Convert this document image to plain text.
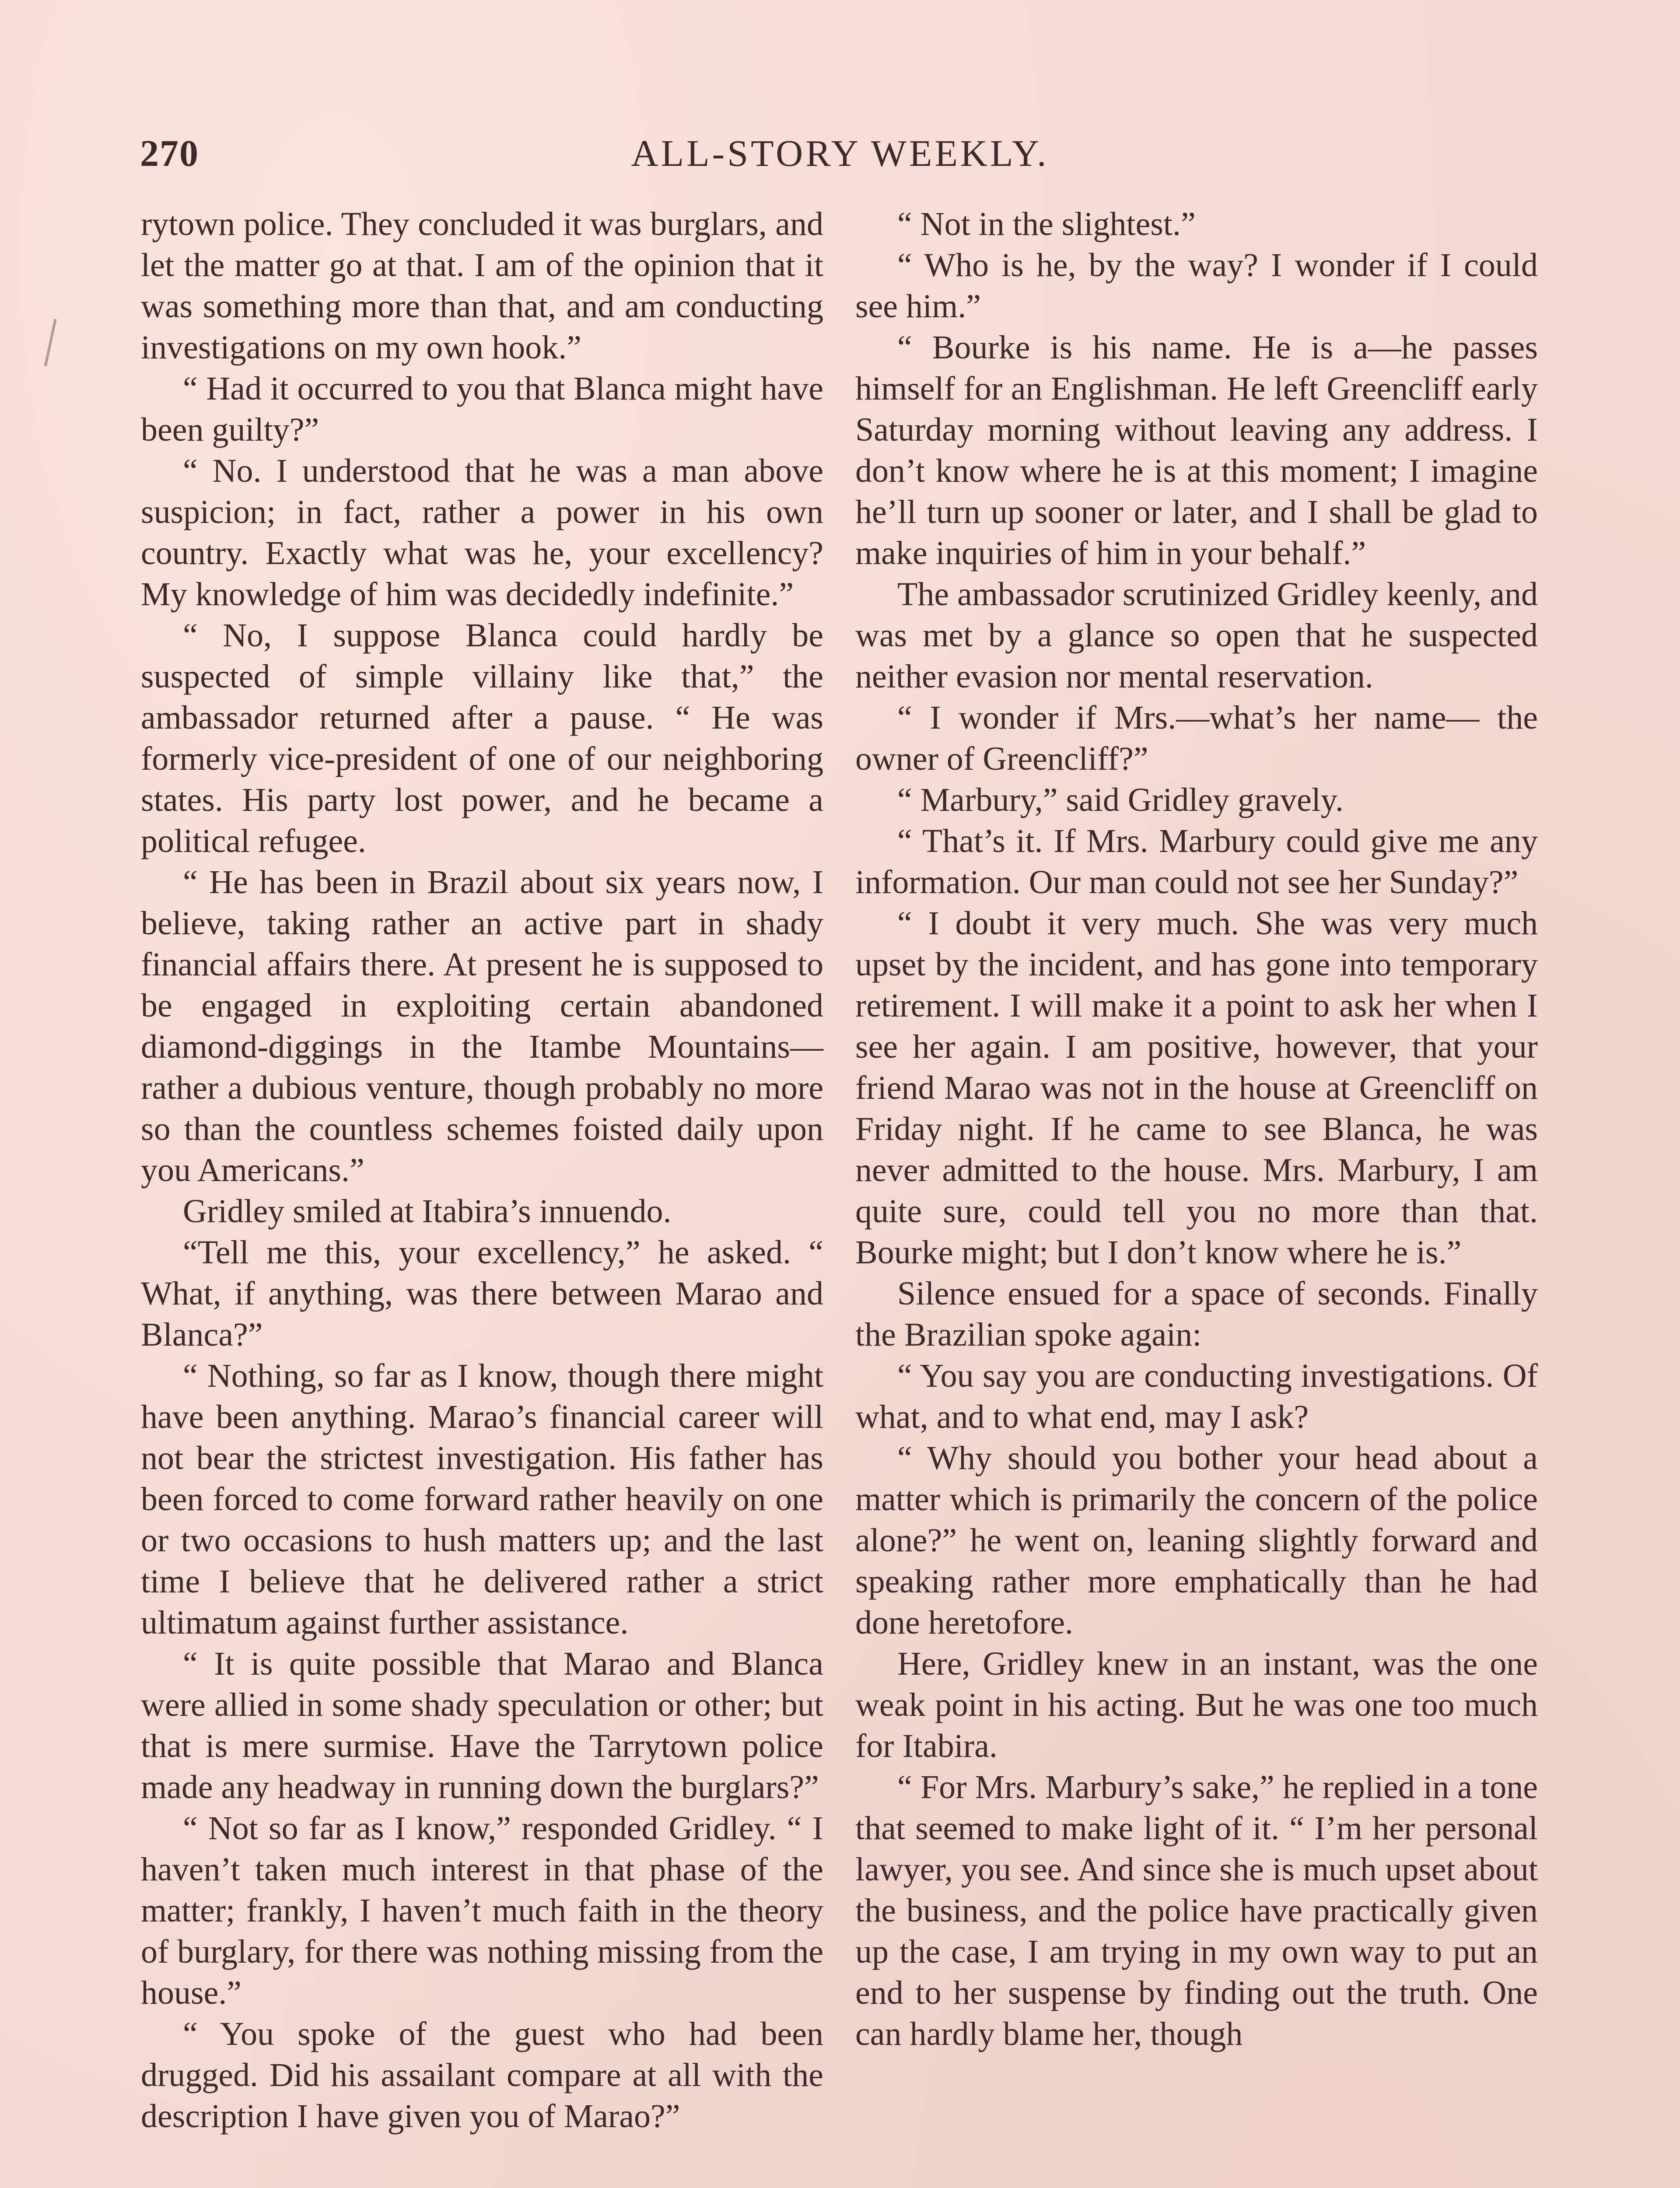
270	ALL-STORY WEEKLY.

rytown police. They concluded it was burglars, and let the matter go at that. I am of the opinion that it was something more than that, and am conducting investigations on my own hook.”

“ Had it occurred to you that Blanca might have been guilty?”

“ No. I understood that he was a man above suspicion; in fact, rather a power in his own country. Exactly what was he, your excellency? My knowledge of him was decidedly indefinite.”

“ No, I suppose Blanca could hardly be suspected of simple villainy like that,” the ambassador returned after a pause. “ He was formerly vice-president of one of our neighboring states. His party lost power, and he became a political refugee.

“ He has been in Brazil about six years now, I believe, taking rather an active part in shady financial affairs there. At present he is supposed to be engaged in exploiting certain abandoned diamond-diggings in the Itambe Mountains—rather a dubious venture, though probably no more so than the countless schemes foisted daily upon you Americans.”

Gridley smiled at Itabira’s innuendo.

“Tell me this, your excellency,” he asked. “ What, if anything, was there between Marao and Blanca?”

“ Nothing, so far as I know, though there might have been anything. Marao’s financial career will not bear the strictest investigation. His father has been forced to come forward rather heavily on one or two occasions to hush matters up; and the last time I believe that he delivered rather a strict ultimatum against further assistance.

“ It is quite possible that Marao and Blanca were allied in some shady speculation or other; but that is mere surmise. Have the Tarrytown police made any headway in running down the burglars?”

“ Not so far as I know,” responded Gridley. “ I haven’t taken much interest in that phase of the matter; frankly, I haven’t much faith in the theory of burglary, for there was nothing missing from the house.”

“ You spoke of the guest who had been drugged. Did his assailant compare at all with the description I have given you of Marao?”

“ Not in the slightest.”

“ Who is he, by the way? I wonder if I could see him.”

“ Bourke is his name. He is a—he passes himself for an Englishman. He left Greencliff early Saturday morning without leaving any address. I don’t know where he is at this moment; I imagine he’ll turn up sooner or later, and I shall be glad to make inquiries of him in your behalf.”

The ambassador scrutinized Gridley keenly, and was met by a glance so open that he suspected neither evasion nor mental reservation.

“ I wonder if Mrs.—what’s her name— the owner of Greencliff?”

“ Marbury,” said Gridley gravely.

“ That’s it. If Mrs. Marbury could give me any information. Our man could not see her Sunday?”

“ I doubt it very much. She was very much upset by the incident, and has gone into temporary retirement. I will make it a point to ask her when I see her again. I am positive, however, that your friend Marao was not in the house at Greencliff on Friday night. If he came to see Blanca, he was never admitted to the house. Mrs. Marbury, I am quite sure, could tell you no more than that. Bourke might; but I don’t know where he is.”

Silence ensued for a space of seconds. Finally the Brazilian spoke again:

“ You say you are conducting investigations. Of what, and to what end, may I ask?

“ Why should you bother your head about a matter which is primarily the concern of the police alone?” he went on, leaning slightly forward and speaking rather more emphatically than he had done heretofore.

Here, Gridley knew in an instant, was the one weak point in his acting. But he was one too much for Itabira.

“ For Mrs. Marbury’s sake,” he replied in a tone that seemed to make light of it. “ I’m her personal lawyer, you see. And since she is much upset about the business, and the police have practically given up the case, I am trying in my own way to put an end to her suspense by finding out the truth. One can hardly blame her, though
